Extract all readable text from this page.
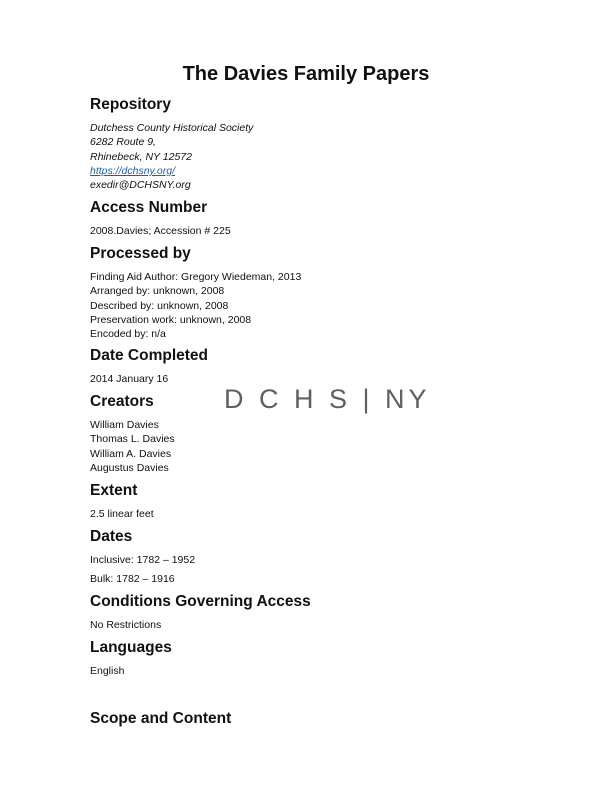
The Davies Family Papers
Repository

Dutchess County Historical Society

6282 Route 9,

Rhinebeck, NY 12572

https://dchsny.org/

exedir@DCHSNY.org

Access Number

2008.Davies; Accession # 225

Processed by

Finding Aid Author: Gregory Wiedeman, 2013

Arranged by: unknown, 2008

Described by: unknown, 2008

Preservation work: unknown, 2008

Encoded by: n/a

Date Completed

2014 January 16

D C H S | NY
Creators

William Davies

Thomas L. Davies

William A. Davies

Augustus Davies

Extent

2.5 linear feet

Dates

Inclusive: 1782 – 1952

Bulk: 1782 – 1916

Conditions Governing Access

No Restrictions

Languages

English

Scope and Content
